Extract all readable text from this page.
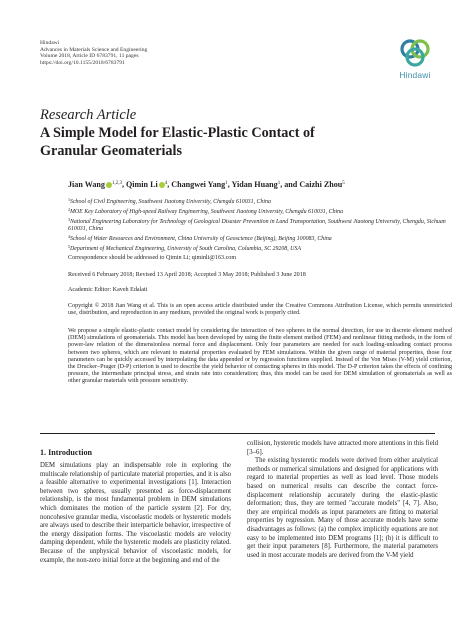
Hindawi
Advances in Materials Science and Engineering
Volume 2018, Article ID 6783791, 11 pages
https://doi.org/10.1155/2018/6783791
Hindawi
Research Article
A Simple Model for Elastic-Plastic Contact of Granular Geomaterials
Jian Wang $^{1,2,3}$, Qimin Li $^4$, Changwei Yang$^1$, Yidan Huang$^1$, and Caizhi Zhou$^5$
$^1$School of Civil Engineering, Southwest Jiaotong University, Chengdu 610031, China
$^2$MOE Key Laboratory of High-speed Railway Engineering, Southwest Jiaotong University, Chengdu 610031, China
$^3$National Engineering Laboratory for Technology of Geological Disaster Prevention in Land Transportation, Southwest Jiaotong University, Chengdu, Sichuan 610031, China
$^4$School of Water Resources and Environment, China University of Geoscience (Beijing), Beijing 100083, China
$^5$Department of Mechanical Engineering, University of South Carolina, Columbia, SC 29208, USA
Correspondence should be addressed to Qimin Li; qiminli@163.com
Received 6 February 2018; Revised 13 April 2018; Accepted 3 May 2018; Published 3 June 2018
Academic Editor: Kaveh Edalati
Copyright © 2018 Jian Wang et al. This is an open access article distributed under the Creative Commons Attribution License, which permits unrestricted use, distribution, and reproduction in any medium, provided the original work is properly cited.
We propose a simple elastic-plastic contact model by considering the interaction of two spheres in the normal direction, for use in discrete element method (DEM) simulations of geomaterials. This model has been developed by using the finite element method (FEM) and nonlinear fitting methods, in the form of power-law relation of the dimensionless normal force and displacement. Only four parameters are needed for each loading-unloading contact process between two spheres, which are relevant to material properties evaluated by FEM simulations. Within the given range of material properties, those four parameters can be quickly accessed by interpolating the data appended or by regression functions supplied. Instead of the Von Mises (V-M) yield criterion, the Drucker–Prager (D-P) criterion is used to describe the yield behavior of contacting spheres in this model. The D-P criterion takes the effects of confining pressure, the intermediate principal stress, and strain rate into consideration; thus, this model can be used for DEM simulation of geomaterials as well as other granular materials with pressure sensitivity.
1. Introduction

DEM simulations play an indispensable role in exploring the multiscale relationship of particulate material properties, and it is also a feasible alternative to experimental investigations [1]. Interaction between two spheres, usually presented as force-displacement relationship, is the most fundamental problem in DEM simulations which dominates the motion of the particle system [2]. For dry, noncohesive granular media, viscoelastic models or hysteretic models are always used to describe their interparticle behavior, irrespective of the energy dissipation forms. The viscoelastic models are velocity damping dependent, while the hysteretic models are plasticity related. Because of the unphysical behavior of viscoelastic models, for example, the non-zero initial force at the beginning and end of the

collision, hysteretic models have attracted more attentions in this field [3–6].

The existing hysteretic models were derived from either analytical methods or numerical simulations and designed for applications with regard to material properties as well as load level. Those models based on numerical results can describe the contact force-displacement relationship accurately during the elastic-plastic deformation; thus, they are termed "accurate models" [4, 7]. Also, they are empirical models as input parameters are fitting to material properties by regression. Many of those accurate models have some disadvantages as follows: (a) the complex implicitly equations are not easy to be implemented into DEM programs [1]; (b) it is difficult to get their input parameters [8]. Furthermore, the material parameters used in most accurate models are derived from the V-M yield
